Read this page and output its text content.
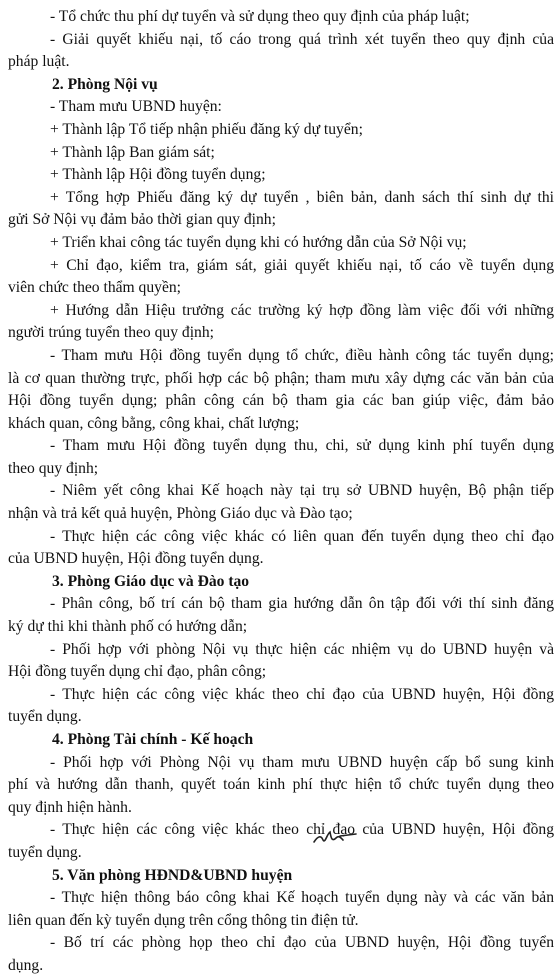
- Tổ chức thu phí dự tuyển và sử dụng theo quy định của pháp luật;
- Giải quyết khiếu nại, tố cáo trong quá trình xét tuyển theo quy định của
pháp luật.
2. Phòng Nội vụ
- Tham mưu UBND huyện:
+ Thành lập Tổ tiếp nhận phiếu đăng ký dự tuyển;
+ Thành lập Ban giám sát;
+ Thành lập Hội đồng tuyển dụng;
+ Tổng hợp Phiếu đăng ký dự tuyển , biên bản, danh sách thí sinh dự thi
gửi Sở Nội vụ đảm bảo thời gian quy định;
+ Triển khai công tác tuyển dụng khi có hướng dẫn của Sở Nội vụ;
+ Chỉ đạo, kiểm tra, giám sát, giải quyết khiếu nại, tố cáo về tuyển dụng
viên chức theo thẩm quyền;
+ Hướng dẫn Hiệu trưởng các trường ký hợp đồng làm việc đối với những
người trúng tuyển theo quy định;
- Tham mưu Hội đồng tuyển dụng tổ chức, điều hành công tác tuyển dụng;
là cơ quan thường trực, phối hợp các bộ phận; tham mưu xây dựng các văn bản của
Hội đồng tuyển dụng; phân công cán bộ tham gia các ban giúp việc, đảm bảo
khách quan, công bằng, công khai, chất lượng;
- Tham mưu Hội đồng tuyển dụng thu, chi, sử dụng kinh phí tuyển dụng
theo quy định;
- Niêm yết công khai Kế hoạch này tại trụ sở UBND huyện, Bộ phận tiếp
nhận và trả kết quả huyện, Phòng Giáo dục và Đào tạo;
- Thực hiện các công việc khác có liên quan đến tuyển dụng theo chỉ đạo
của UBND huyện, Hội đồng tuyển dụng.
3. Phòng Giáo dục và Đào tạo
- Phân công, bố trí cán bộ tham gia hướng dẫn ôn tập đối với thí sinh đăng
ký dự thi khi thành phố có hướng dẫn;
- Phối hợp với phòng Nội vụ thực hiện các nhiệm vụ do UBND huyện và
Hội đồng tuyển dụng chỉ đạo, phân công;
- Thực hiện các công việc khác theo chỉ đạo của UBND huyện, Hội đồng
tuyển dụng.
4. Phòng Tài chính - Kế hoạch
- Phối hợp với Phòng Nội vụ tham mưu UBND huyện cấp bổ sung kinh
phí và hướng dẫn thanh, quyết toán kinh phí thực hiện tổ chức tuyển dụng theo
quy định hiện hành.
- Thực hiện các công việc khác theo chỉ đạo của UBND huyện, Hội đồng
tuyển dụng.
5. Văn phòng HĐND&UBND huyện
- Thực hiện thông báo công khai Kế hoạch tuyển dụng này và các văn bản
liên quan đến kỳ tuyển dụng trên cổng thông tin điện tử.
- Bố trí các phòng họp theo chỉ đạo của UBND huyện, Hội đồng tuyển
dụng.
